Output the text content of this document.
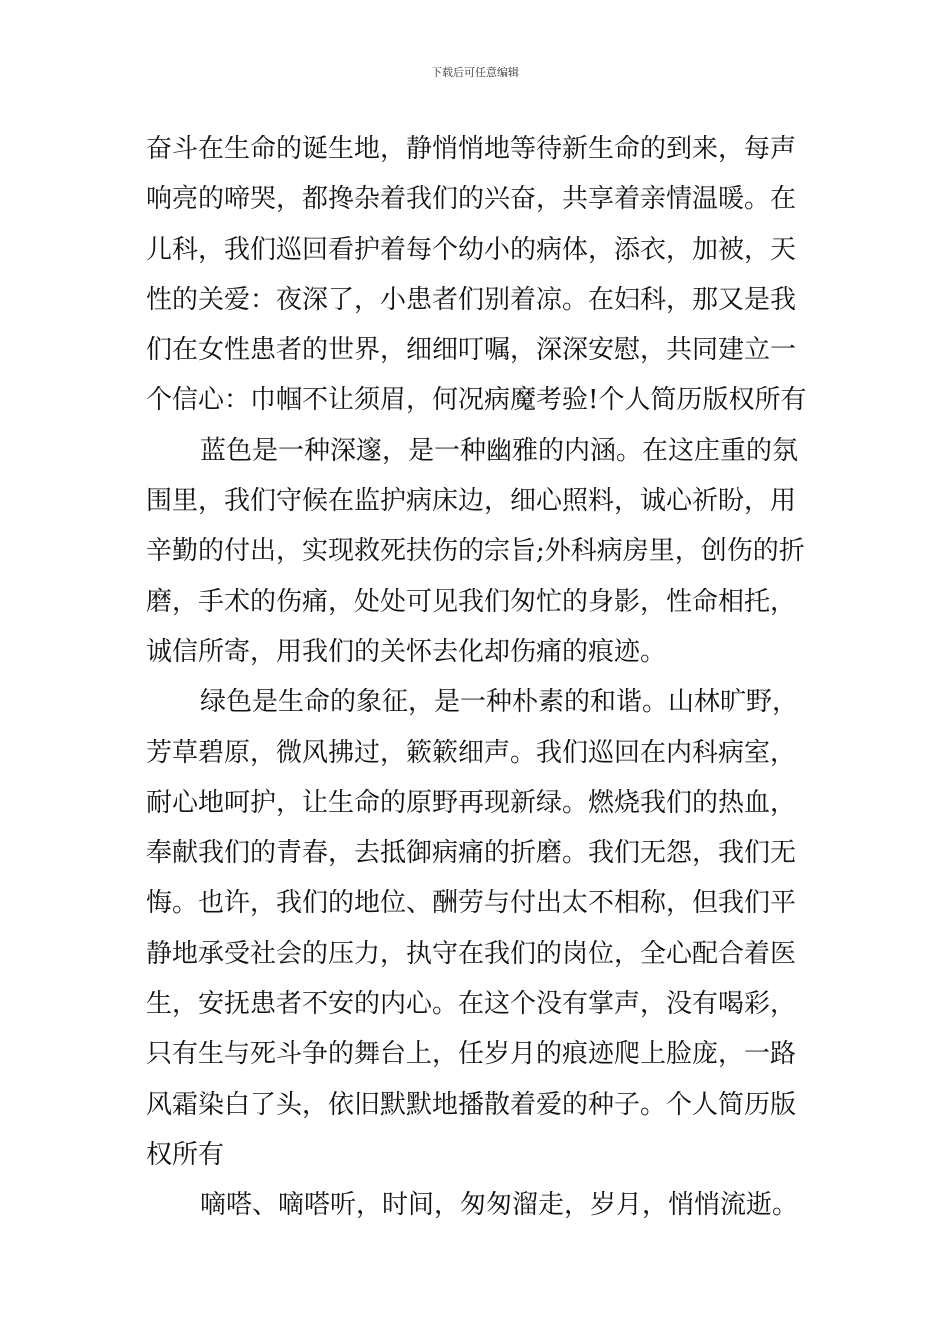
下载后可任意编辑
奋斗在生命的诞生地，静悄悄地等待新生命的到来，每声
响亮的啼哭，都搀杂着我们的兴奋，共享着亲情温暖。在
儿科，我们巡回看护着每个幼小的病体，添衣，加被，天
性的关爱：夜深了，小患者们别着凉。在妇科，那又是我
们在女性患者的世界，细细叮嘱，深深安慰，共同建立一
个信心：巾帼不让须眉，何况病魔考验!个人简历版权所有
蓝色是一种深邃，是一种幽雅的内涵。在这庄重的氛
围里，我们守候在监护病床边，细心照料，诚心祈盼，用
辛勤的付出，实现救死扶伤的宗旨;外科病房里，创伤的折
磨，手术的伤痛，处处可见我们匆忙的身影，性命相托，
诚信所寄，用我们的关怀去化却伤痛的痕迹。
绿色是生命的象征，是一种朴素的和谐。山林旷野，
芳草碧原，微风拂过，簌簌细声。我们巡回在内科病室，
耐心地呵护，让生命的原野再现新绿。燃烧我们的热血，
奉献我们的青春，去抵御病痛的折磨。我们无怨，我们无
悔。也许，我们的地位、酬劳与付出太不相称，但我们平
静地承受社会的压力，执守在我们的岗位，全心配合着医
生，安抚患者不安的内心。在这个没有掌声，没有喝彩，
只有生与死斗争的舞台上，任岁月的痕迹爬上脸庞，一路
风霜染白了头，依旧默默地播散着爱的种子。个人简历版
权所有
嘀嗒、嘀嗒听，时间，匆匆溜走，岁月，悄悄流逝。
